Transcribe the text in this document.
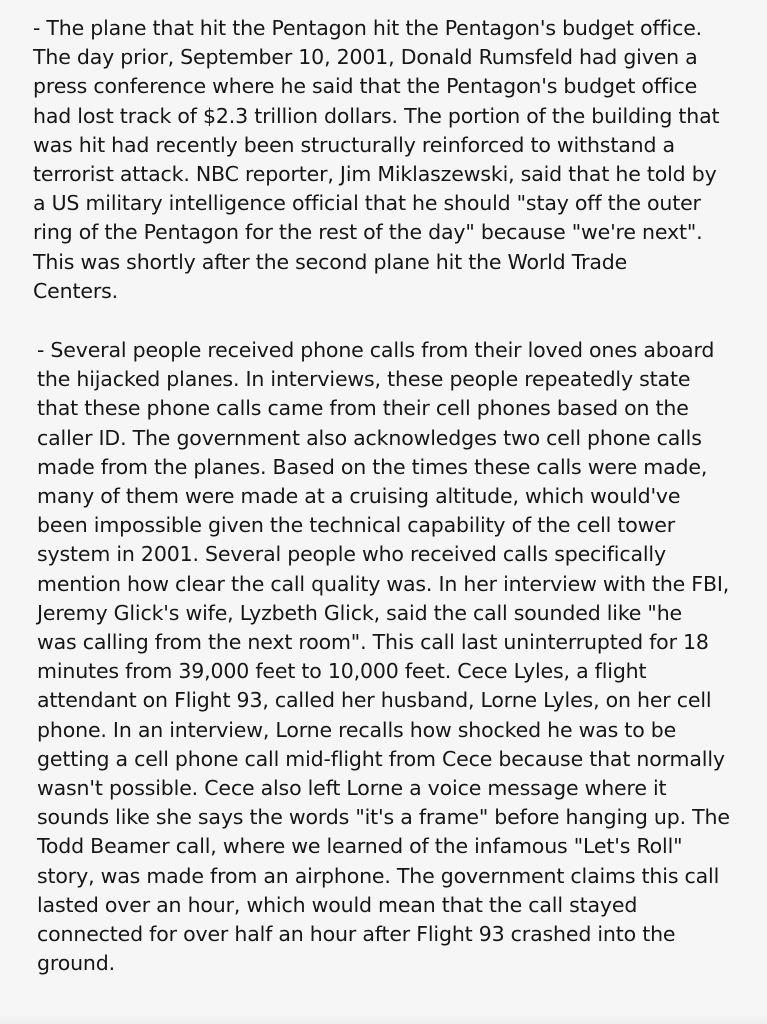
- The plane that hit the Pentagon hit the Pentagon's budget office.
The day prior, September 10, 2001, Donald Rumsfeld had given a
press conference where he said that the Pentagon's budget office
had lost track of $2.3 trillion dollars. The portion of the building that
was hit had recently been structurally reinforced to withstand a
terrorist attack. NBC reporter, Jim Miklaszewski, said that he told by
a US military intelligence official that he should "stay off the outer
ring of the Pentagon for the rest of the day" because "we're next".
This was shortly after the second plane hit the World Trade
Centers.

- Several people received phone calls from their loved ones aboard
the hijacked planes. In interviews, these people repeatedly state
that these phone calls came from their cell phones based on the
caller ID. The government also acknowledges two cell phone calls
made from the planes. Based on the times these calls were made,
many of them were made at a cruising altitude, which would've
been impossible given the technical capability of the cell tower
system in 2001. Several people who received calls specifically
mention how clear the call quality was. In her interview with the FBI,
Jeremy Glick's wife, Lyzbeth Glick, said the call sounded like "he
was calling from the next room". This call last uninterrupted for 18
minutes from 39,000 feet to 10,000 feet. Cece Lyles, a flight
attendant on Flight 93, called her husband, Lorne Lyles, on her cell
phone. In an interview, Lorne recalls how shocked he was to be
getting a cell phone call mid-flight from Cece because that normally
wasn't possible. Cece also left Lorne a voice message where it
sounds like she says the words "it's a frame" before hanging up. The
Todd Beamer call, where we learned of the infamous "Let's Roll"
story, was made from an airphone. The government claims this call
lasted over an hour, which would mean that the call stayed
connected for over half an hour after Flight 93 crashed into the
ground.
